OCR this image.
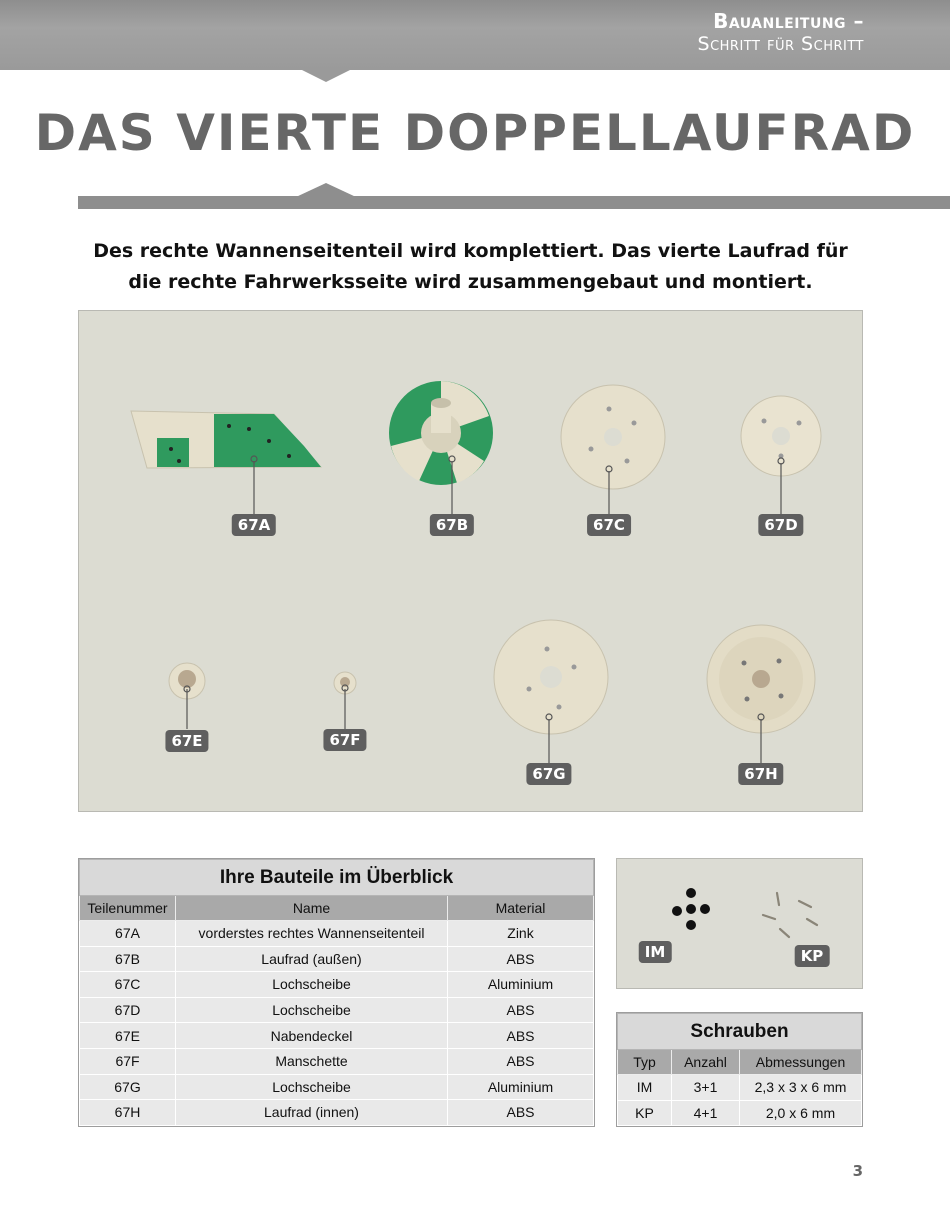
Bauanleitung –
Schritt für Schritt
DAS VIERTE DOPPELLAUFRAD
Des rechte Wannenseitenteil wird komplettiert. Das vierte Laufrad für die rechte Fahrwerksseite wird zusammengebaut und montiert.
67A	67B	67C	67D
67E	67F
67G	67H
Ihre Bauteile im Überblick		
Teilenummer	Name	Material
67A	vorderstes rechtes Wannenseitenteil	Zink
67B	Laufrad (außen)	ABS
67C	Lochscheibe	Aluminium
67D	Lochscheibe	ABS
67E	Nabendeckel	ABS
67F	Manschette	ABS
67G	Lochscheibe	Aluminium
67H	Laufrad (innen)	ABS
IM	KP
Schrauben		
Typ	Anzahl	Abmessungen
IM	3+1	2,3 x 3 x 6 mm
KP	4+1	2,0 x 6 mm
3
